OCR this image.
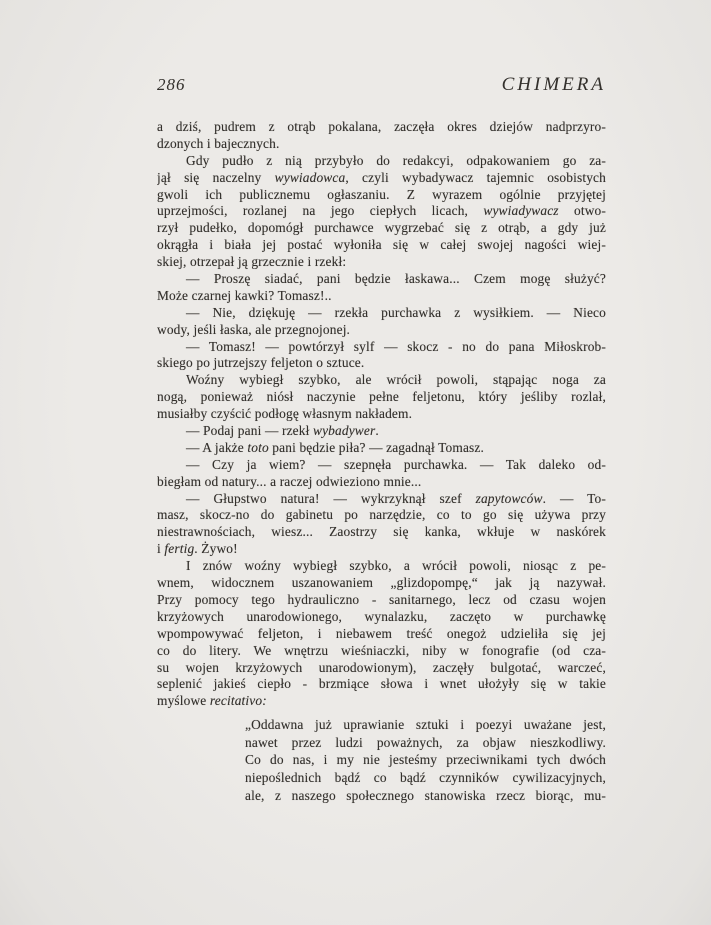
286	CHIMERA
a dziś, pudrem z otrąb pokalana, zaczęła okres dziejów nadprzyro-
dzonych i bajecznych.
Gdy pudło z nią przybyło do redakcyi, odpakowaniem go za-
jął się naczelny wywiadowca, czyli wybadywacz tajemnic osobistych
gwoli ich publicznemu ogłaszaniu. Z wyrazem ogólnie przyjętej
uprzejmości, rozlanej na jego ciepłych licach, wywiadywacz otwo-
rzył pudełko, dopomógł purchawce wygrzebać się z otrąb, a gdy już
okrągła i biała jej postać wyłoniła się w całej swojej nagości wiej-
skiej, otrzepał ją grzecznie i rzekł:
— Proszę siadać, pani będzie łaskawa... Czem mogę służyć?
Może czarnej kawki? Tomasz!..
— Nie, dziękuję — rzekła purchawka z wysiłkiem. — Nieco
wody, jeśli łaska, ale przegnojonej.
— Tomasz! — powtórzył sylf — skocz - no do pana Miłoskrob-
skiego po jutrzejszy feljeton o sztuce.
Woźny wybiegł szybko, ale wrócił powoli, stąpając noga za
nogą, ponieważ niósł naczynie pełne feljetonu, który jeśliby rozlał,
musiałby czyścić podłogę własnym nakładem.
— Podaj pani — rzekł wybadywer.
— A jakże toto pani będzie piła? — zagadnął Tomasz.
— Czy ja wiem? — szepnęła purchawka. — Tak daleko od-
biegłam od natury... a raczej odwieziono mnie...
— Głupstwo natura! — wykrzyknął szef zapytowców. — To-
masz, skocz-no do gabinetu po narzędzie, co to go się używa przy
niestrawnościach, wiesz... Zaostrzy się kanka, wkłuje w naskórek
i fertig. Żywo!
I znów woźny wybiegł szybko, a wrócił powoli, niosąc z pe-
wnem, widocznem uszanowaniem „glizdopompę,“ jak ją nazywał.
Przy pomocy tego hydrauliczno - sanitarnego, lecz od czasu wojen
krzyżowych unarodowionego, wynalazku, zaczęto w purchawkę
wpompowywać feljeton, i niebawem treść onegoż udzieliła się jej
co do litery. We wnętrzu wieśniaczki, niby w fonografie (od cza-
su wojen krzyżowych unarodowionym), zaczęły bulgotać, warczeć,
seplenić jakieś ciepło - brzmiące słowa i wnet ułożyły się w takie
myślowe recitativo:
„Oddawna już uprawianie sztuki i poezyi uważane jest,
nawet przez ludzi poważnych, za objaw nieszkodliwy.
Co do nas, i my nie jesteśmy przeciwnikami tych dwóch
niepoślednich bądź co bądź czynników cywilizacyjnych,
ale, z naszego społecznego stanowiska rzecz biorąc, mu-
